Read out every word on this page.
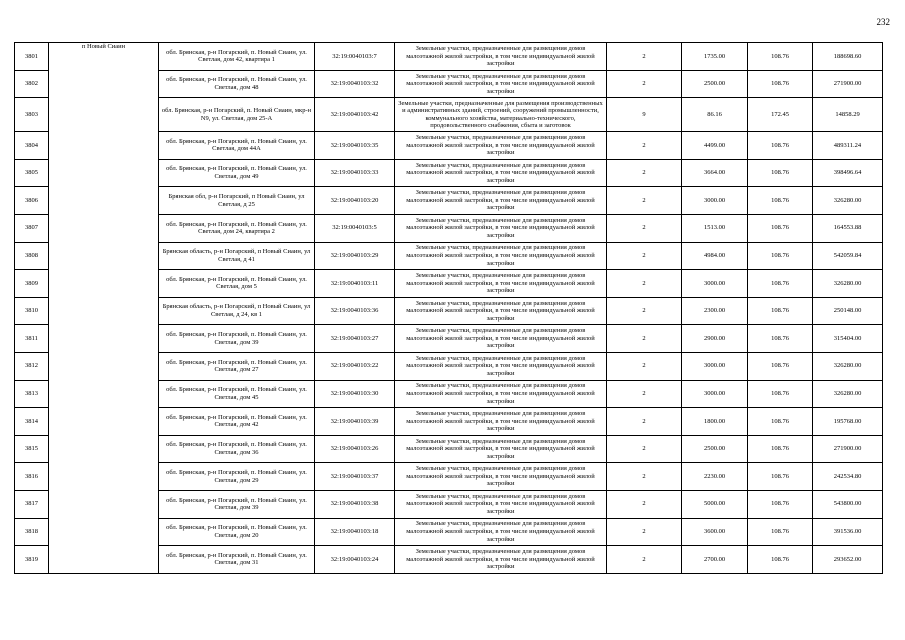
232
3801	п Новый Сиаин	обл. Брянская, р-н Погарский, п. Новый Сиаин, ул. Светлая, дом 42, квартира 1	32:19:0040103:7	Земельные участки, предназначенные для размещения домов малоэтажной жилой застройки, в том числе индивидуальной жилой застройки	2	1735.00	108.76	188698.60
3802		обл. Брянская, р-н Погарский, п. Новый Сиаин, ул. Светлая, дом 48	32:19:0040103:32	Земельные участки, предназначенные для размещения домов малоэтажной жилой застройки, в том числе индивидуальной жилой застройки	2	2500.00	108.76	271900.00
3803		обл. Брянская, р-н Погарский, п. Новый Сиаин, мкр-н N9, ул. Светлая, дом 25-А	32:19:0040103:42	Земельные участки, предназначенные для размещения производственных и административных зданий, строений, сооружений промышленности, коммунального хозяйства, материально-технического, продовольственного снабжения, сбыта и заготовок	9	86.16	172.45	14858.29
3804		обл. Брянская, р-н Погарский, п. Новый Сиаин, ул. Светлая, дом 44А	32:19:0040103:35	Земельные участки, предназначенные для размещения домов малоэтажной жилой застройки, в том числе индивидуальной жилой застройки	2	4499.00	108.76	489311.24
3805		обл. Брянская, р-н Погарский, п. Новый Сиаин, ул. Светлая, дом 49	32:19:0040103:33	Земельные участки, предназначенные для размещения домов малоэтажной жилой застройки, в том числе индивидуальной жилой застройки	2	3664.00	108.76	398496.64
3806		Брянская обл, р-н Погарский, п Новый Сиаин, ул Светлая, д 25	32:19:0040103:20	Земельные участки, предназначенные для размещения домов малоэтажной жилой застройки, в том числе индивидуальной жилой застройки	2	3000.00	108.76	326280.00
3807		обл. Брянская, р-н Погарский, п. Новый Сиаин, ул. Светлая, дом 24, квартира 2	32:19:0040103:5	Земельные участки, предназначенные для размещения домов малоэтажной жилой застройки, в том числе индивидуальной жилой застройки	2	1513.00	108.76	164553.88
3808		Брянская область, р-н Погарский, п Новый Сиаин, ул Светлая, д 41	32:19:0040103:29	Земельные участки, предназначенные для размещения домов малоэтажной жилой застройки, в том числе индивидуальной жилой застройки	2	4984.00	108.76	542059.84
3809		обл. Брянская, р-н Погарский, п. Новый Сиаин, ул. Светлая, дом 5	32:19:0040103:11	Земельные участки, предназначенные для размещения домов малоэтажной жилой застройки, в том числе индивидуальной жилой застройки	2	3000.00	108.76	326280.00
3810		Брянская область, р-н Погарский, п Новый Сиаин, ул Светлая, д 24, кв 1	32:19:0040103:36	Земельные участки, предназначенные для размещения домов малоэтажной жилой застройки, в том числе индивидуальной жилой застройки	2	2300.00	108.76	250148.00
3811		обл. Брянская, р-н Погарский, п. Новый Сиаин, ул. Светлая, дом 39	32:19:0040103:27	Земельные участки, предназначенные для размещения домов малоэтажной жилой застройки, в том числе индивидуальной жилой застройки	2	2900.00	108.76	315404.00
3812		обл. Брянская, р-н Погарский, п. Новый Сиаин, ул. Светлая, дом 27	32:19:0040103:22	Земельные участки, предназначенные для размещения домов малоэтажной жилой застройки, в том числе индивидуальной жилой застройки	2	3000.00	108.76	326280.00
3813		обл. Брянская, р-н Погарский, п. Новый Сиаин, ул. Светлая, дом 45	32:19:0040103:30	Земельные участки, предназначенные для размещения домов малоэтажной жилой застройки, в том числе индивидуальной жилой застройки	2	3000.00	108.76	326280.00
3814		обл. Брянская, р-н Погарский, п. Новый Сиаин, ул. Светлая, дом 42	32:19:0040103:39	Земельные участки, предназначенные для размещения домов малоэтажной жилой застройки, в том числе индивидуальной жилой застройки	2	1800.00	108.76	195768.00
3815		обл. Брянская, р-н Погарский, п. Новый Сиаин, ул. Светлая, дом 36	32:19:0040103:26	Земельные участки, предназначенные для размещения домов малоэтажной жилой застройки, в том числе индивидуальной жилой застройки	2	2500.00	108.76	271900.00
3816		обл. Брянская, р-н Погарский, п. Новый Сиаин, ул. Светлая, дом 29	32:19:0040103:37	Земельные участки, предназначенные для размещения домов малоэтажной жилой застройки, в том числе индивидуальной жилой застройки	2	2230.00	108.76	242534.80
3817		обл. Брянская, р-н Погарский, п. Новый Сиаин, ул. Светлая, дом 39	32:19:0040103:38	Земельные участки, предназначенные для размещения домов малоэтажной жилой застройки, в том числе индивидуальной жилой застройки	2	5000.00	108.76	543800.00
3818		обл. Брянская, р-н Погарский, п. Новый Сиаин, ул. Светлая, дом 20	32:19:0040103:18	Земельные участки, предназначенные для размещения домов малоэтажной жилой застройки, в том числе индивидуальной жилой застройки	2	3600.00	108.76	391536.00
3819		обл. Брянская, р-н Погарский, п. Новый Сиаин, ул. Светлая, дом 31	32:19:0040103:24	Земельные участки, предназначенные для размещения домов малоэтажной жилой застройки, в том числе индивидуальной жилой застройки	2	2700.00	108.76	293652.00
